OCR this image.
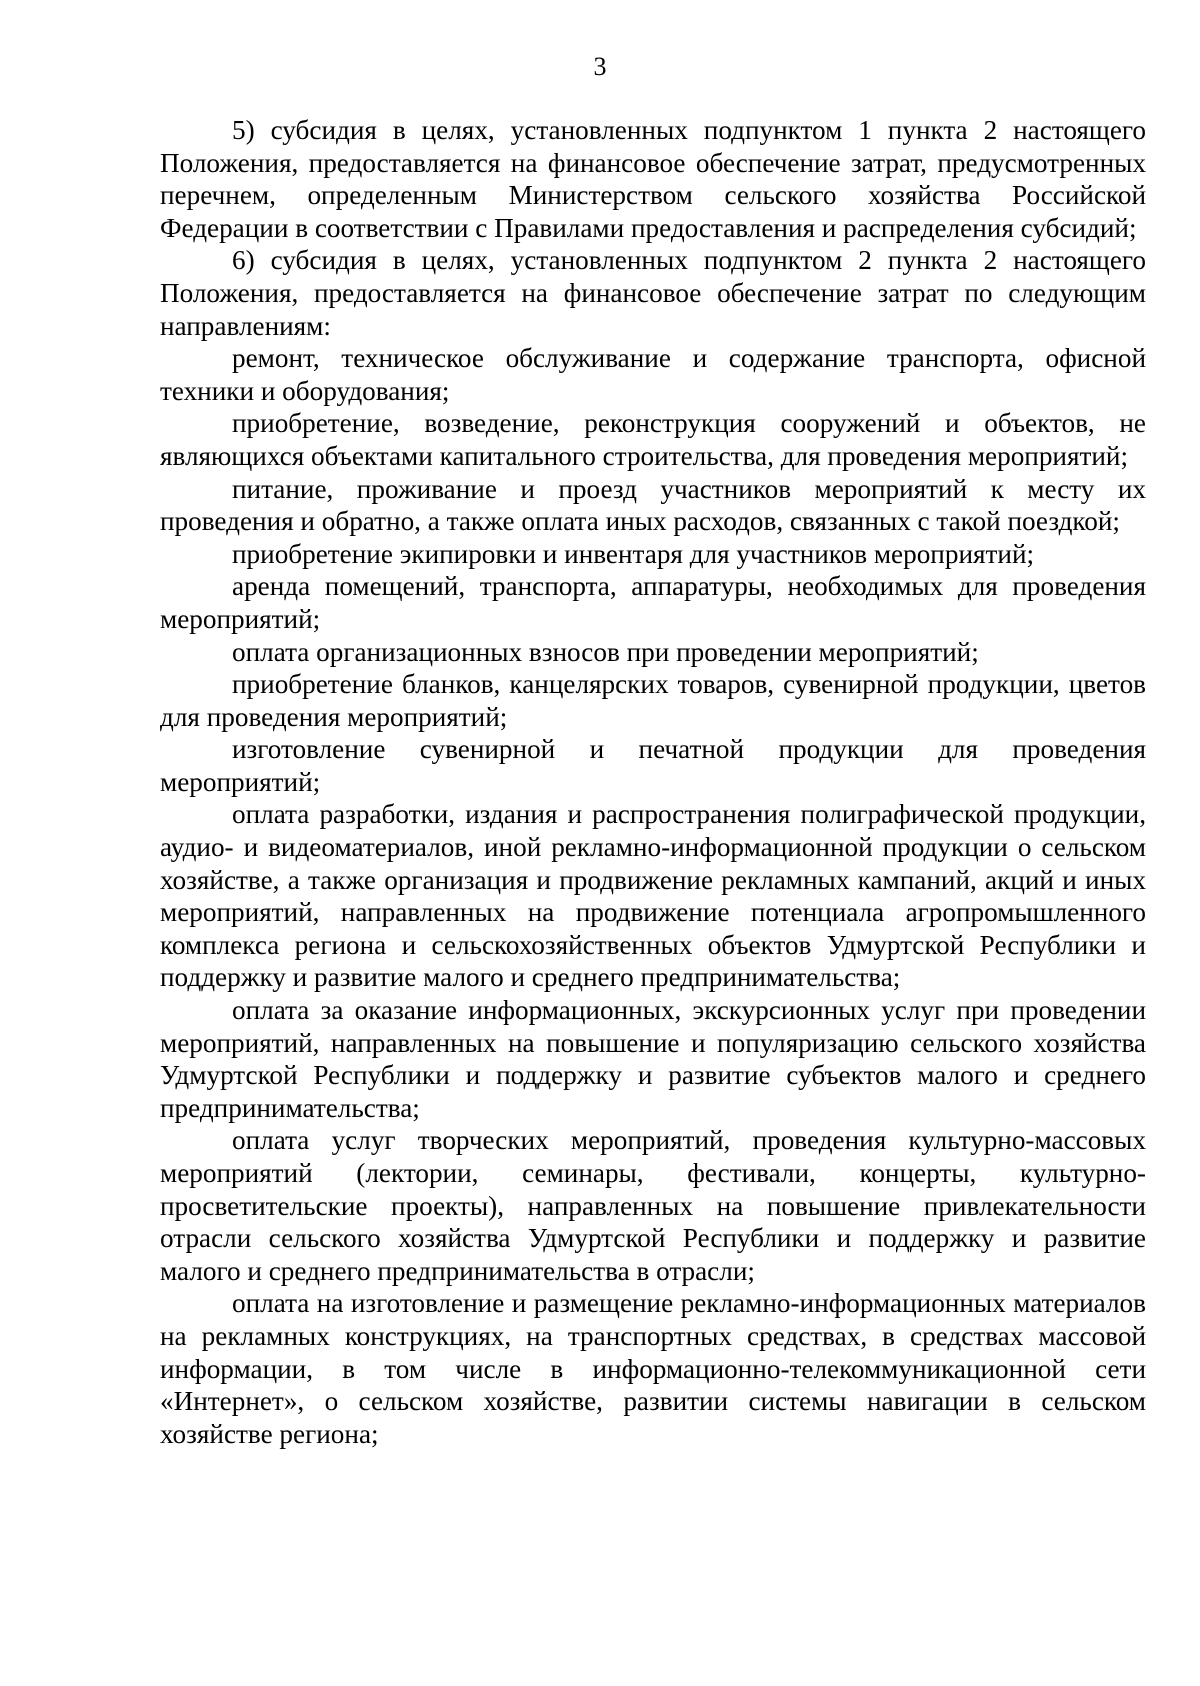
3

5) субсидия в целях, установленных подпунктом 1 пункта 2 настоящего Положения, предоставляется на финансовое обеспечение затрат, предусмотренных перечнем, определенным Министерством сельского хозяйства Российской Федерации в соответствии с Правилами предоставления и распределения субсидий;

6) субсидия в целях, установленных подпунктом 2 пункта 2 настоящего Положения, предоставляется на финансовое обеспечение затрат по следующим направлениям:

ремонт, техническое обслуживание и содержание транспорта, офисной техники и оборудования;

приобретение, возведение, реконструкция сооружений и объектов, не являющихся объектами капитального строительства, для проведения мероприятий;

питание, проживание и проезд участников мероприятий к месту их проведения и обратно, а также оплата иных расходов, связанных с такой поездкой;

приобретение экипировки и инвентаря для участников мероприятий;

аренда помещений, транспорта, аппаратуры, необходимых для проведения мероприятий;

оплата организационных взносов при проведении мероприятий;

приобретение бланков, канцелярских товаров, сувенирной продукции, цветов для проведения мероприятий;

изготовление сувенирной и печатной продукции для проведения мероприятий;

оплата разработки, издания и распространения полиграфической продукции, аудио- и видеоматериалов, иной рекламно-информационной продукции о сельском хозяйстве, а также организация и продвижение рекламных кампаний, акций и иных мероприятий, направленных на продвижение потенциала агропромышленного комплекса региона и сельскохозяйственных объектов Удмуртской Республики и поддержку и развитие малого и среднего предпринимательства;

оплата за оказание информационных, экскурсионных услуг при проведении мероприятий, направленных на повышение и популяризацию сельского хозяйства Удмуртской Республики и поддержку и развитие субъектов малого и среднего предпринимательства;

оплата услуг творческих мероприятий, проведения культурно-массовых мероприятий (лектории, семинары, фестивали, концерты, культурно-просветительские проекты), направленных на повышение привлекательности отрасли сельского хозяйства Удмуртской Республики и поддержку и развитие малого и среднего предпринимательства в отрасли;

оплата на изготовление и размещение рекламно-информационных материалов на рекламных конструкциях, на транспортных средствах, в средствах массовой информации, в том числе в информационно-телекоммуникационной сети «Интернет», о сельском хозяйстве, развитии системы навигации в сельском хозяйстве региона;
